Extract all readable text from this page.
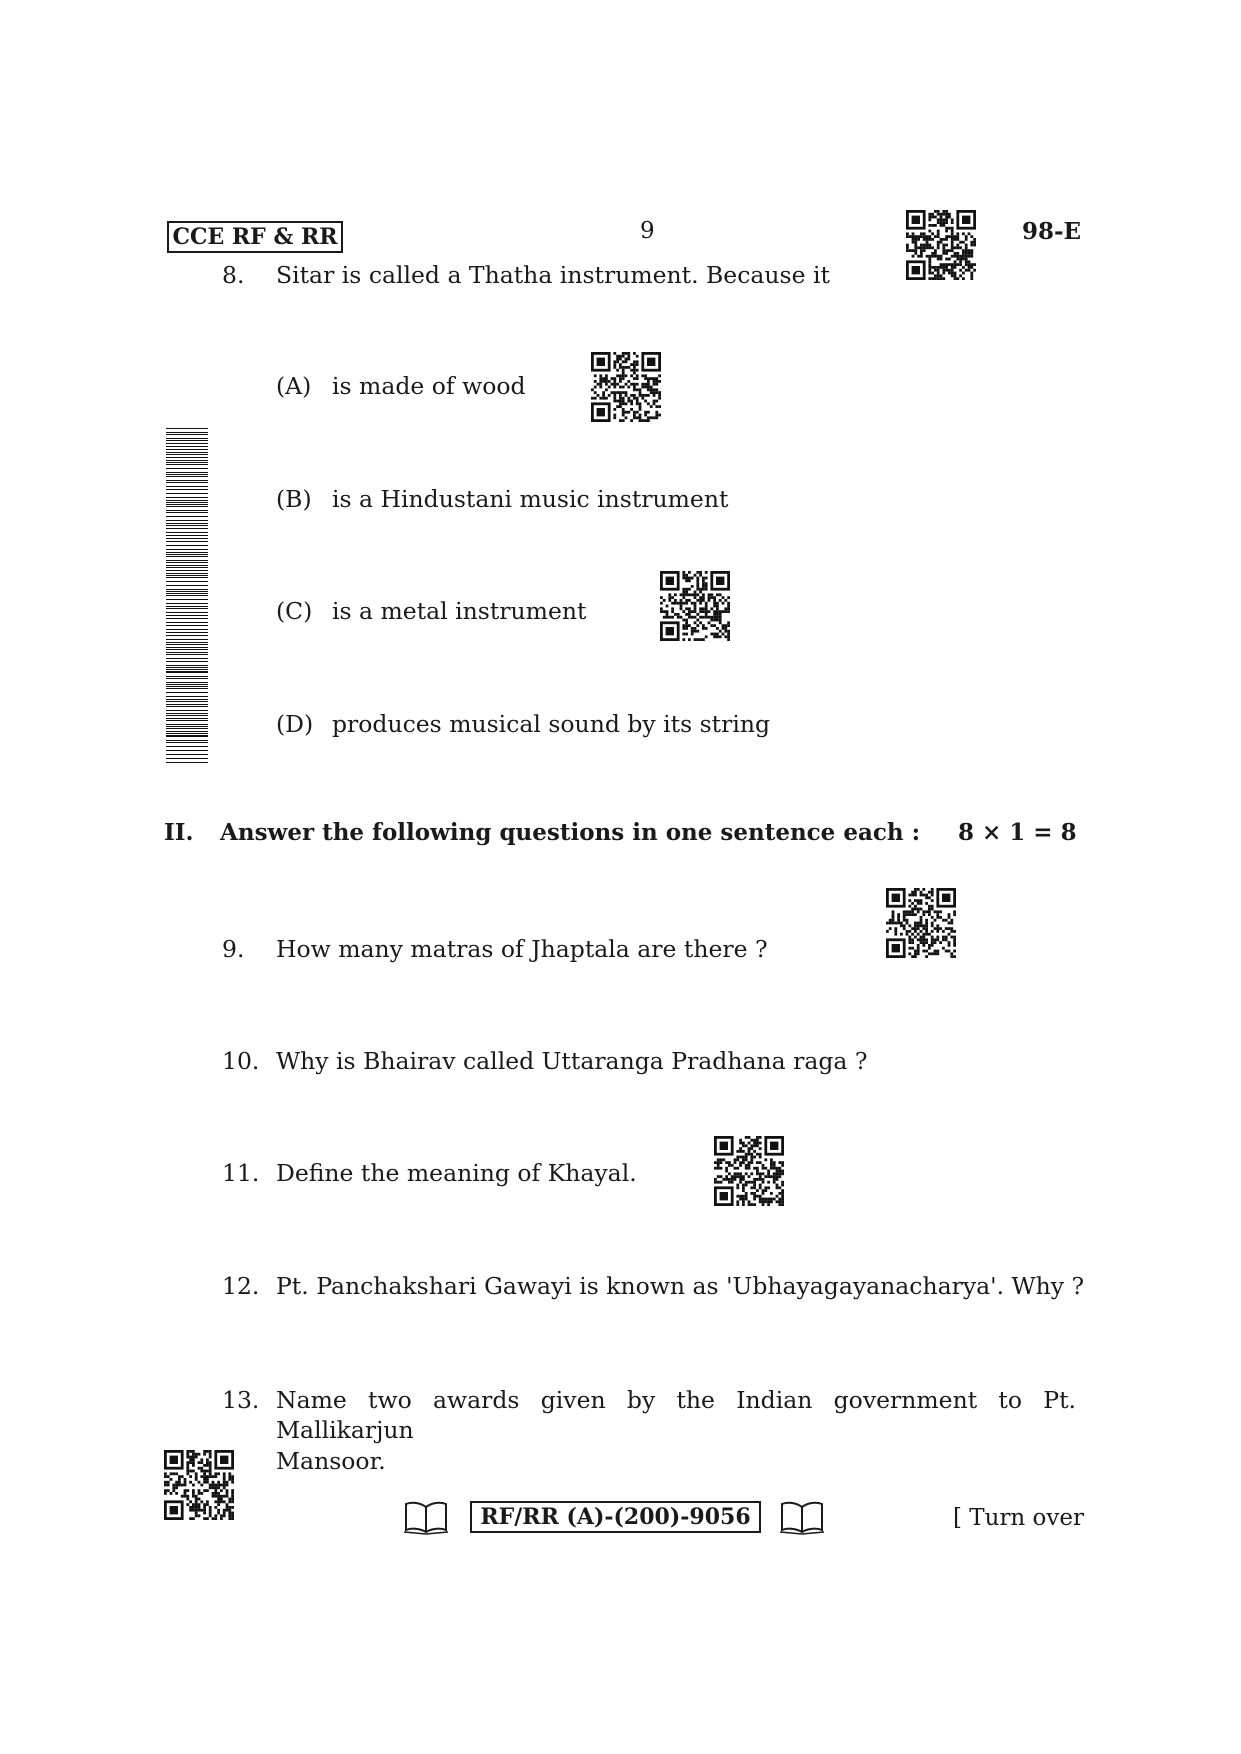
CCE RF & RR	9	98-E
8. Sitar is called a Thatha instrument. Because it
(A) is made of wood
(B) is a Hindustani music instrument
(C) is a metal instrument
(D) produces musical sound by its string
II. Answer the following questions in one sentence each : 8 × 1 = 8
9. How many matras of Jhaptala are there ?
10. Why is Bhairav called Uttaranga Pradhana raga ?
11. Define the meaning of Khayal.
12. Pt. Panchakshari Gawayi is known as 'Ubhayagayanacharya'. Why ?
13. Name two awards given by the Indian government to Pt. Mallikarjun
Mansoor.
RF/RR (A)-(200)-9056	[ Turn over
